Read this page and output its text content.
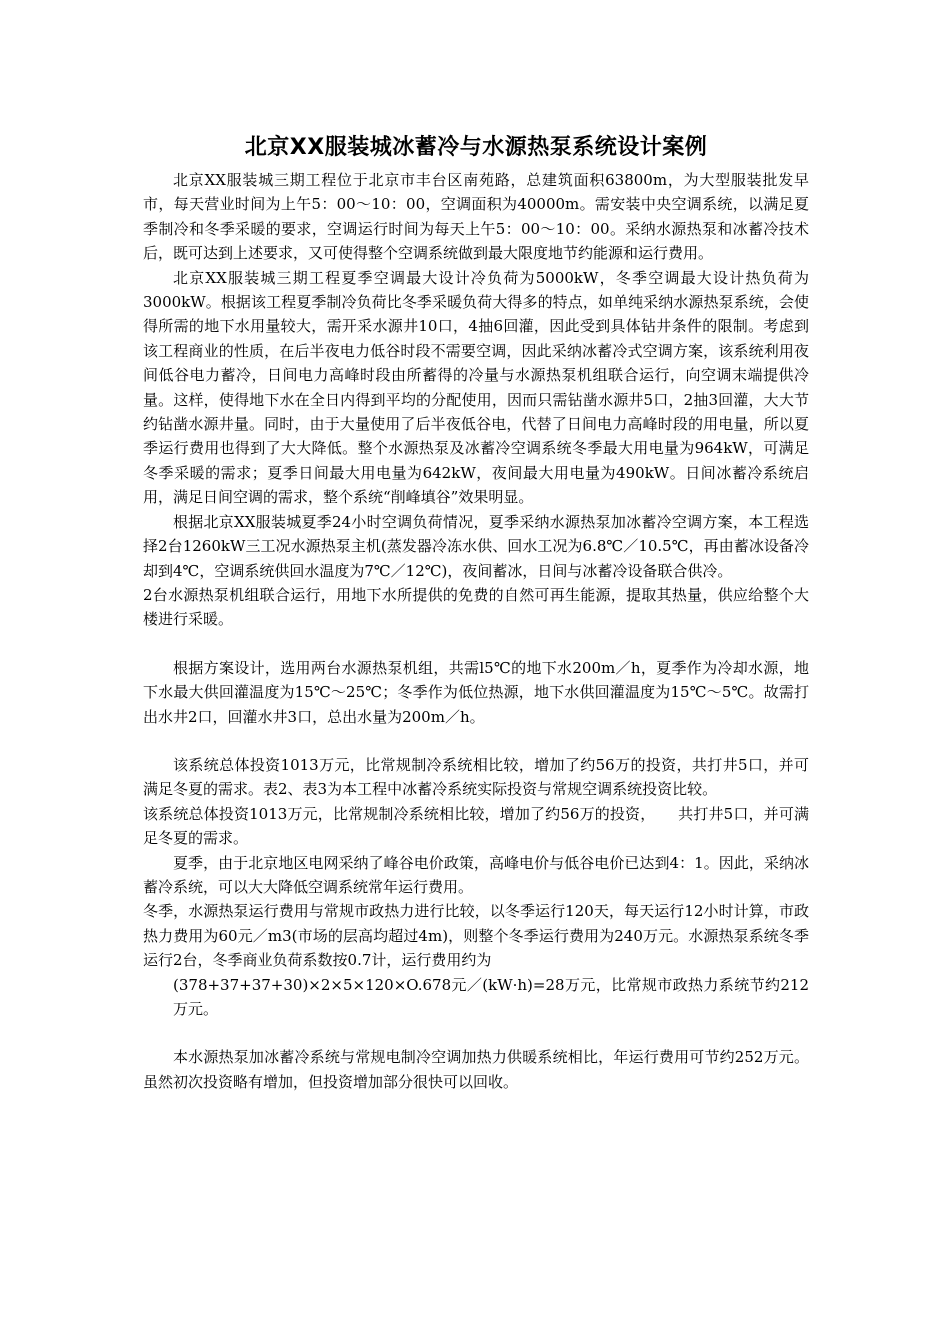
北京XX服装城冰蓄冷与水源热泵系统设计案例

北京XX服装城三期工程位于北京市丰台区南苑路，总建筑面积63800m，为大型服装批发早市，每天营业时间为上午5：00～10：00，空调面积为40000m。需安装中央空调系统，以满足夏季制冷和冬季采暖的要求，空调运行时间为每天上午5：00～10：00。采纳水源热泵和冰蓄冷技术后，既可达到上述要求，又可使得整个空调系统做到最大限度地节约能源和运行费用。

北京XX服装城三期工程夏季空调最大设计冷负荷为5000kW，冬季空调最大设计热负荷为3000kW。根据该工程夏季制冷负荷比冬季采暖负荷大得多的特点，如单纯采纳水源热泵系统，会使得所需的地下水用量较大，需开采水源井10口，4抽6回灌，因此受到具体钻井条件的限制。考虑到该工程商业的性质，在后半夜电力低谷时段不需要空调，因此采纳冰蓄冷式空调方案，该系统利用夜间低谷电力蓄冷，日间电力高峰时段由所蓄得的冷量与水源热泵机组联合运行，向空调末端提供冷量。这样，使得地下水在全日内得到平均的分配使用，因而只需钻凿水源井5口，2抽3回灌，大大节约钻凿水源井量。同时，由于大量使用了后半夜低谷电，代替了日间电力高峰时段的用电量，所以夏季运行费用也得到了大大降低。整个水源热泵及冰蓄冷空调系统冬季最大用电量为964kW，可满足冬季采暖的需求；夏季日间最大用电量为642kW，夜间最大用电量为490kW。日间冰蓄冷系统启用，满足日间空调的需求，整个系统“削峰填谷”效果明显。

根据北京XX服装城夏季24小时空调负荷情况，夏季采纳水源热泵加冰蓄冷空调方案，本工程选择2台1260kW三工况水源热泵主机(蒸发器冷冻水供、回水工况为6.8℃／10.5℃，再由蓄冰设备冷却到4℃，空调系统供回水温度为7℃／12℃)，夜间蓄冰，日间与冰蓄冷设备联合供冷。

2台水源热泵机组联合运行，用地下水所提供的免费的自然可再生能源，提取其热量，供应给整个大楼进行采暖。

根据方案设计，选用两台水源热泵机组，共需l5℃的地下水200m／h，夏季作为冷却水源，地下水最大供回灌温度为15℃～25℃；冬季作为低位热源，地下水供回灌温度为15℃～5℃。故需打出水井2口，回灌水井3口，总出水量为200m／h。

该系统总体投资1013万元，比常规制冷系统相比较，增加了约56万的投资，共打井5口，并可满足冬夏的需求。表2、表3为本工程中冰蓄冷系统实际投资与常规空调系统投资比较。

该系统总体投资1013万元，比常规制冷系统相比较，增加了约56万的投资，　　共打井5口，并可满足冬夏的需求。

夏季，由于北京地区电网采纳了峰谷电价政策，高峰电价与低谷电价已达到4：1。因此，采纳冰蓄冷系统，可以大大降低空调系统常年运行费用。

冬季，水源热泵运行费用与常规市政热力进行比较，以冬季运行120天，每天运行12小时计算，市政热力费用为60元／m3(市场的层高均超过4m)，则整个冬季运行费用为240万元。水源热泵系统冬季运行2台，冬季商业负荷系数按0.7计，运行费用约为

(378+37+37+30)×2×5×120×O.678元／(kW·h)=28万元，比常规市政热力系统节约212万元。

本水源热泵加冰蓄冷系统与常规电制冷空调加热力供暖系统相比，年运行费用可节约252万元。虽然初次投资略有增加，但投资增加部分很快可以回收。
